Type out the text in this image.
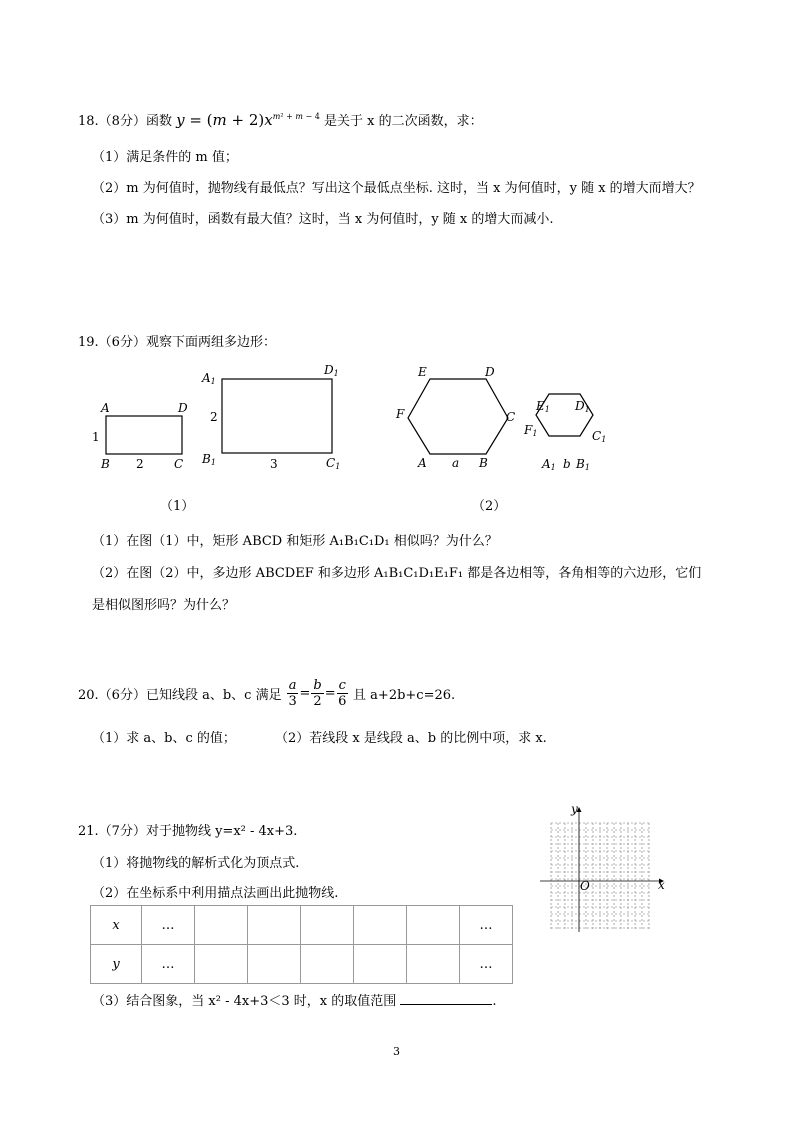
18.（8分）函数 $y = (m + 2)x^{m^2 + m - 4}$ 是关于 x 的二次函数，求：
（1）满足条件的 m 值；
（2）m 为何值时，抛物线有最低点？写出这个最低点坐标. 这时，当 x 为何值时，y 随 x 的增大而增大？
（3）m 为何值时，函数有最大值？这时，当 x 为何值时，y 随 x 的增大而减小.
19.（6分）观察下面两组多边形：
A	D
B	C
1
2
A1
D1
B1	C1
2
3
E	D
F	C
A a B
E1 D1
F1	C1
A1 b B1
（1）	（2）
（1）在图（1）中，矩形 ABCD 和矩形 A₁B₁C₁D₁ 相似吗？为什么？
（2）在图（2）中，多边形 ABCDEF 和多边形 A₁B₁C₁D₁E₁F₁ 都是各边相等，各角相等的六边形，它们
是相似图形吗？为什么？
20.（6分）已知线段 a、b、c 满足 $\frac{a}{3} = \frac{b}{2} = \frac{c}{6}$ 且 a+2b+c=26.
（1）求 a、b、c 的值；	（2）若线段 x 是线段 a、b 的比例中项，求 x.
21.（7分）对于抛物线 y=x² - 4x+3.
（1）将抛物线的解析式化为顶点式.
（2）在坐标系中利用描点法画出此抛物线.
y
x
O
x	…						…
y	…						…
（3）结合图象，当 x² - 4x+3＜3 时，x 的取值范围	.
3
